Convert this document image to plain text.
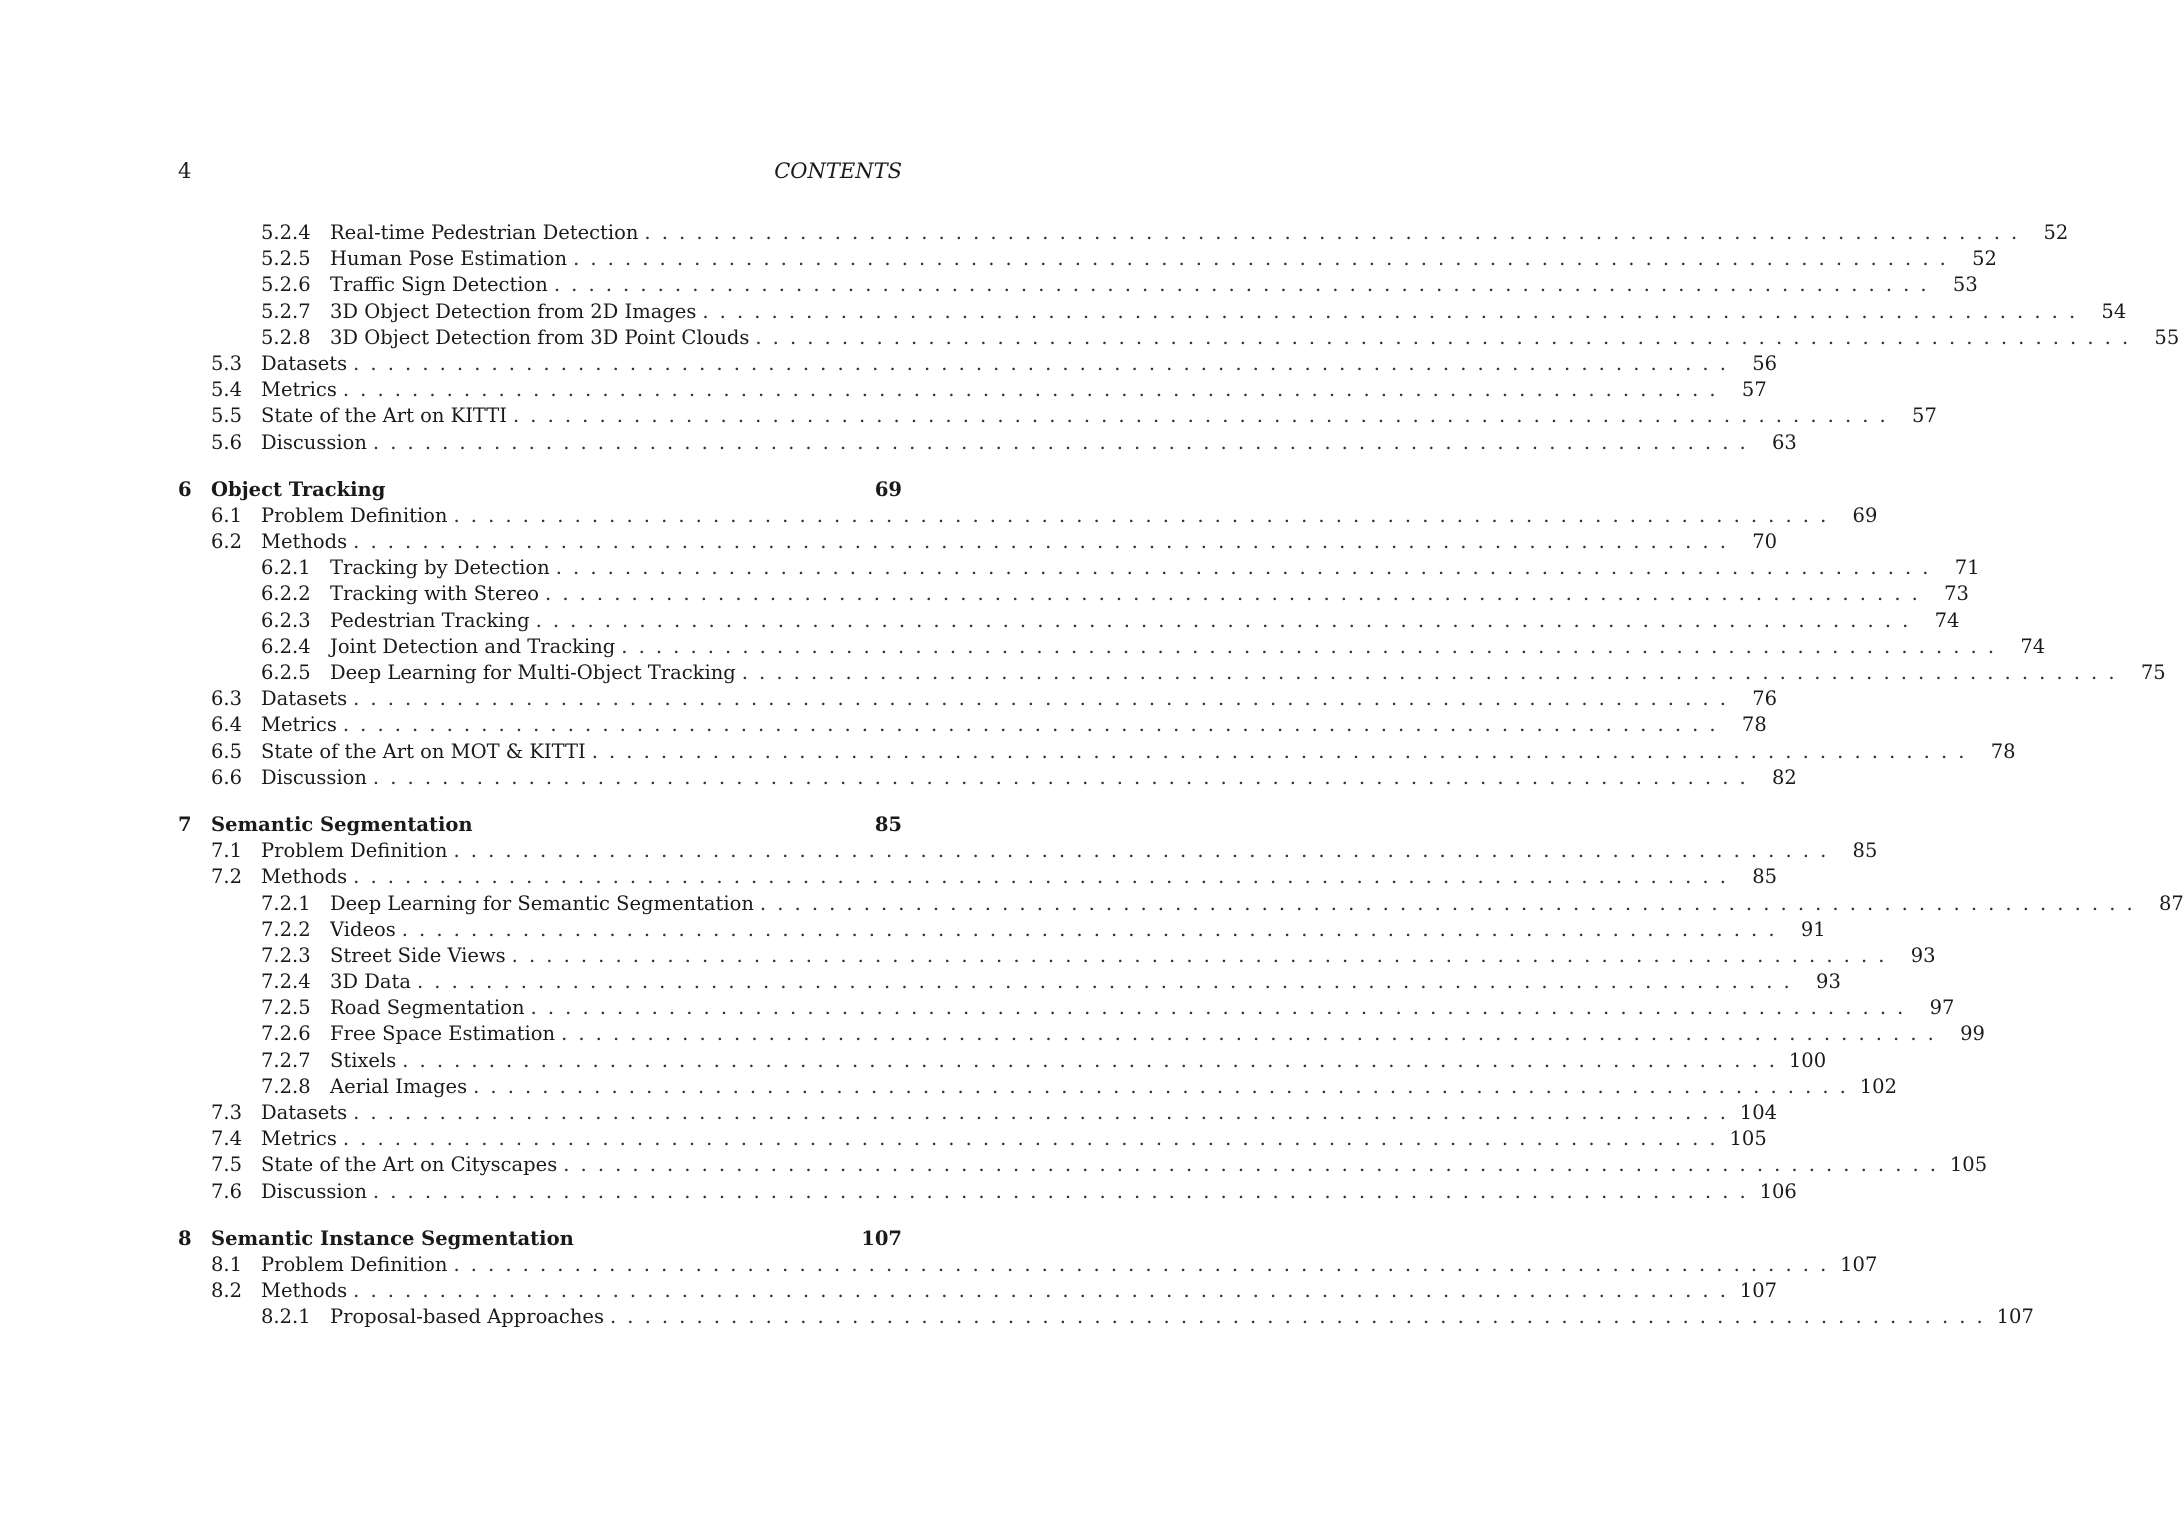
4	CONTENTS
5.2.4 Real-time Pedestrian Detection ................................................................................ 52
5.2.5 Human Pose Estimation ................................................................................ 52
5.2.6 Traffic Sign Detection ................................................................................ 53
5.2.7 3D Object Detection from 2D Images ................................................................................ 54
5.2.8 3D Object Detection from 3D Point Clouds ................................................................................ 55
5.3 Datasets ................................................................................ 56
5.4 Metrics ................................................................................ 57
5.5 State of the Art on KITTI ................................................................................ 57
5.6 Discussion ................................................................................ 63
6 Object Tracking	69
6.1 Problem Definition ................................................................................ 69
6.2 Methods ................................................................................ 70
6.2.1 Tracking by Detection ................................................................................ 71
6.2.2 Tracking with Stereo ................................................................................ 73
6.2.3 Pedestrian Tracking ................................................................................ 74
6.2.4 Joint Detection and Tracking ................................................................................ 74
6.2.5 Deep Learning for Multi-Object Tracking ................................................................................ 75
6.3 Datasets ................................................................................ 76
6.4 Metrics ................................................................................ 78
6.5 State of the Art on MOT & KITTI ................................................................................ 78
6.6 Discussion ................................................................................ 82
7 Semantic Segmentation	85
7.1 Problem Definition ................................................................................ 85
7.2 Methods ................................................................................ 85
7.2.1 Deep Learning for Semantic Segmentation ................................................................................ 87
7.2.2 Videos ................................................................................ 91
7.2.3 Street Side Views ................................................................................ 93
7.2.4 3D Data ................................................................................ 93
7.2.5 Road Segmentation ................................................................................ 97
7.2.6 Free Space Estimation ................................................................................ 99
7.2.7 Stixels ................................................................................ 100
7.2.8 Aerial Images ................................................................................ 102
7.3 Datasets ................................................................................ 104
7.4 Metrics ................................................................................ 105
7.5 State of the Art on Cityscapes ................................................................................ 105
7.6 Discussion ................................................................................ 106
8 Semantic Instance Segmentation	107
8.1 Problem Definition ................................................................................ 107
8.2 Methods ................................................................................ 107
8.2.1 Proposal-based Approaches ................................................................................ 107
